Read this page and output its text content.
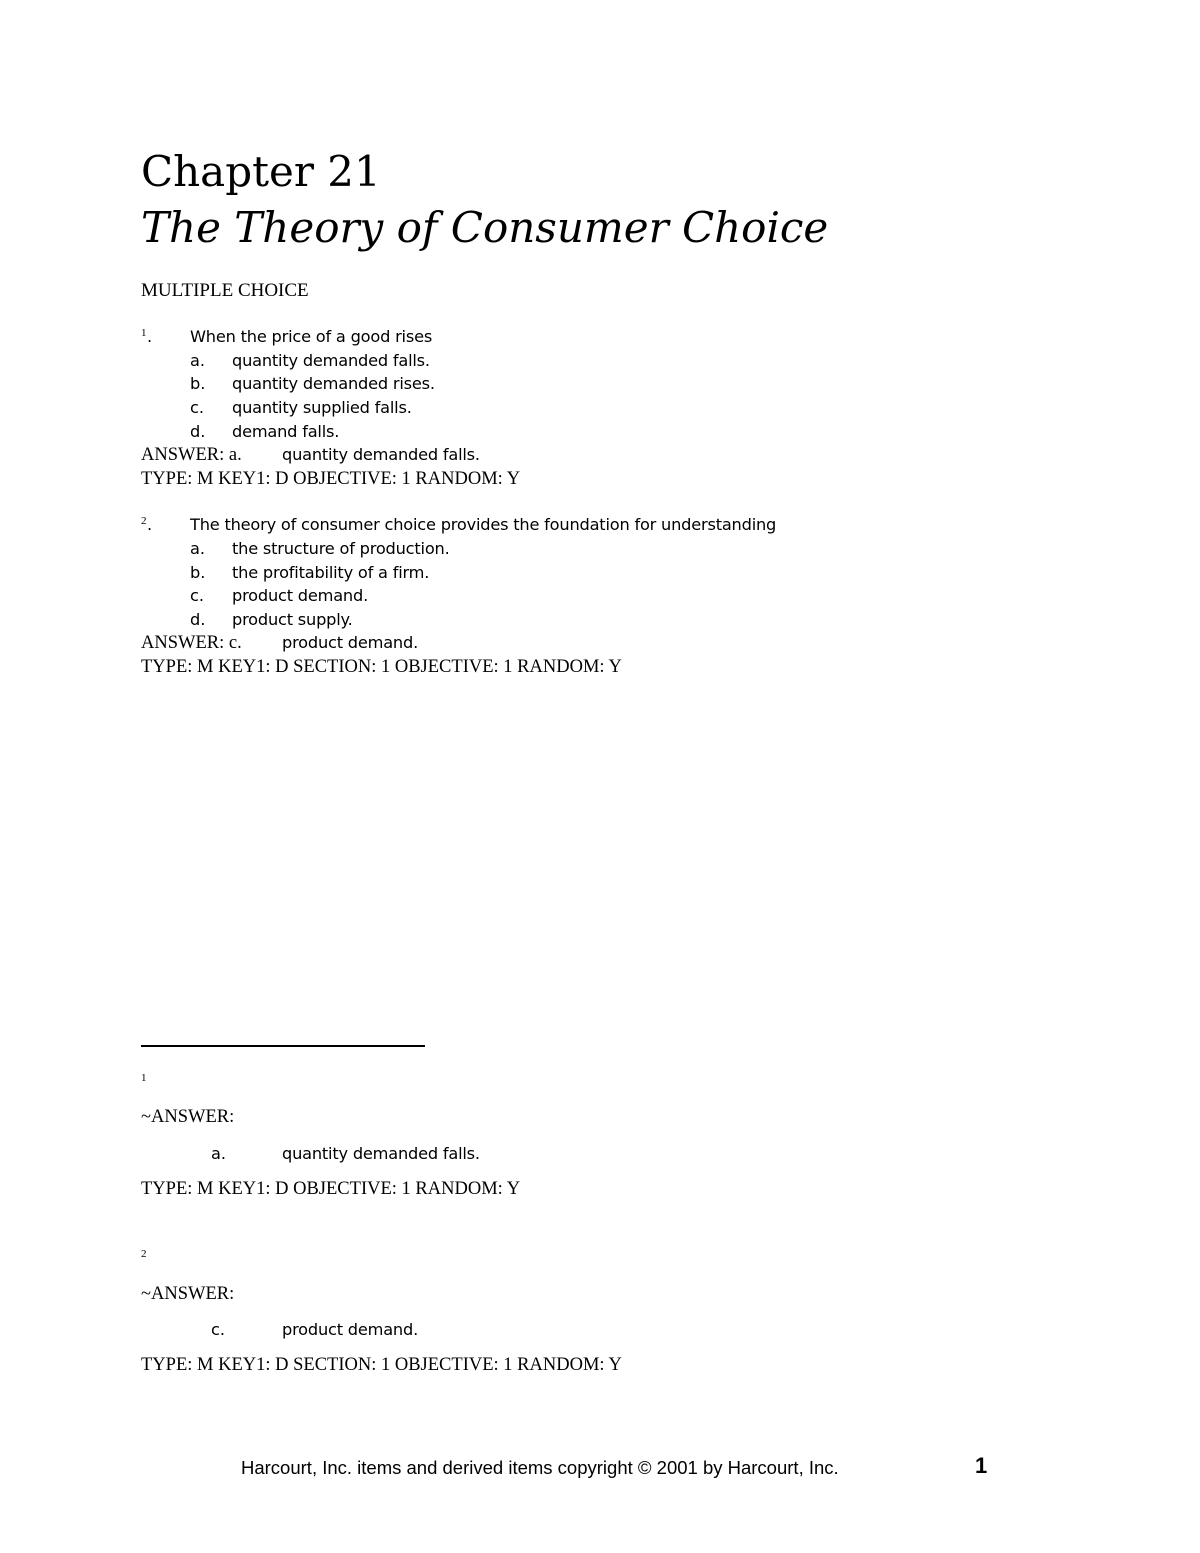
Chapter 21
The Theory of Consumer Choice
MULTIPLE CHOICE
1 . When the price of a good rises
a. quantity demanded falls.
b. quantity demanded rises.
c. quantity supplied falls.
d. demand falls.
ANSWER: a. quantity demanded falls.
TYPE: M KEY1: D OBJECTIVE: 1 RANDOM: Y
2 . The theory of consumer choice provides the foundation for understanding
a. the structure of production.
b. the profitability of a firm.
c. product demand.
d. product supply.
ANSWER: c. product demand.
TYPE: M KEY1: D SECTION: 1 OBJECTIVE: 1 RANDOM: Y
1
~ANSWER:
a.	quantity demanded falls.
TYPE: M KEY1: D OBJECTIVE: 1 RANDOM: Y
2
~ANSWER:
c.	product demand.
TYPE: M KEY1: D SECTION: 1 OBJECTIVE: 1 RANDOM: Y
Harcourt, Inc. items and derived items copyright © 2001 by Harcourt, Inc.	1
